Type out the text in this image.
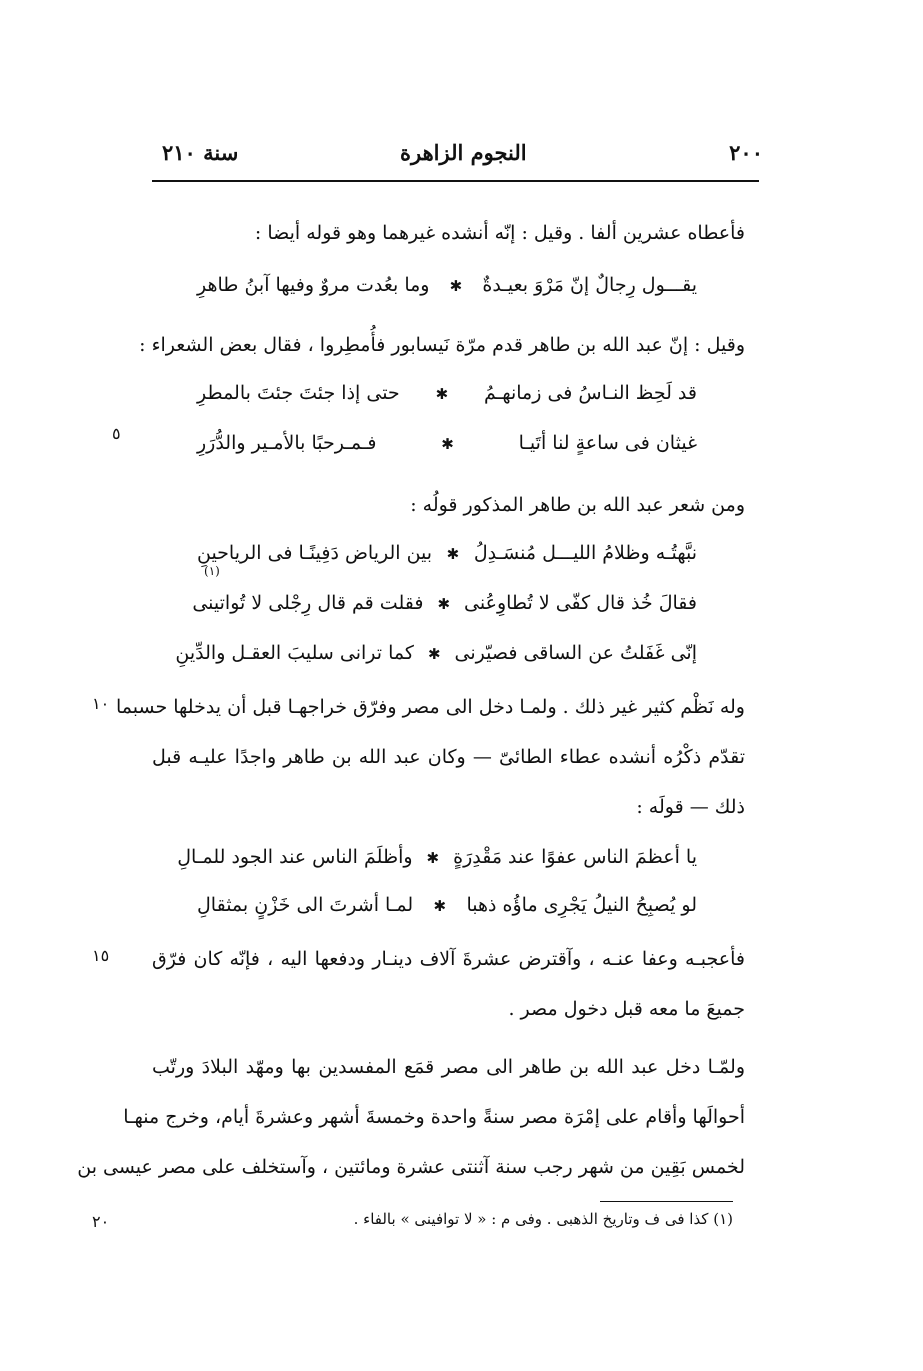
٢٠٠
النجوم الزاهرة
سنة ٢١٠
فأعطاه عشرين ألفا . وقيل : إنّه أنشده غيرهما وهو قوله أيضا :
يقـــول رِجالٌ إنّ مَرْوَ بعيـدةٌ
✱
وما بعُدت مروٌ وفيها آبنُ طاهرِ
وقيل : إنّ عبد الله بن طاهر قدم مرّة نَيسابور فأُمطِروا ، فقال بعض الشعراء :
قد لَحِظ النـاسُ فى زمانهـمُ
✱
حتى إذا جئتَ جئتَ بالمطرِ
غيثان فى ساعةٍ لنا أتَيـا
✱
فـمـرحبًا بالأمـير والدُّرَرِ
٥
ومن شعر عبد الله بن طاهر المذكور قولُه :
نبَّهتُـه وظلامُ الليـــل مُنسَـدِلُ
✱
بين الرياض دَفِينًـا فى الرياحينِ
(١)
فقالَ خُذ قال كفّى لا تُطاوِعُنى
✱
فقلت قم قال رِجْلى لا تُواتينى
إنّى غَفَلتُ عن الساقى فصيّرنى
✱
كما ترانى سليبَ العقـل والدِّينِ
وله نَظْم كثير غير ذلك . ولمـا دخل الى مصر وفرّق خراجهـا قبل أن يدخلها حسبما
١٠
تقدّم ذكْرُه أنشده عطاء الطائىّ — وكان عبد الله بن طاهر واجدًا عليـه قبل
ذلك — قولَه :
يا أعظمَ الناس عفوًا عند مَقْدِرَةٍ
✱
وأظلَمَ الناس عند الجود للمـالِ
لو يُصبِحُ النيلُ يَجْرِى ماؤُه ذهبا
✱
لمـا أشرتَ الى خَزْنٍ بمثقالِ
فأعجبـه وعفا عنـه ، وآقترض عشرةَ آلاف دينـار ودفعها اليه ، فإنّه كان فرّق
١٥
جميعَ ما معه قبل دخول مصر .
ولمّـا دخل عبد الله بن طاهر الى مصر قمَع المفسدين بها ومهّد البلادَ ورتّب
أحوالَها وأقام على إمْرَة مصر سنةً واحدة وخمسةَ أشهر وعشرةَ أيام، وخرج منهـا
لخمس بَقِين من شهر رجب سنة آثنتى عشرة ومائتين ، وآستخلف على مصر عيسى بن
(١) كذا فى ف وتاريخ الذهبى . وفى م : « لا توافينى » بالفاء .
٢٠
